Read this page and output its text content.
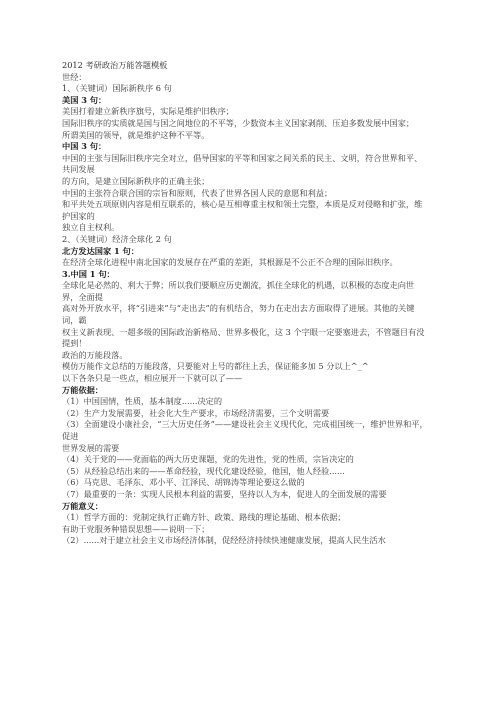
2012 考研政治万能答题模板
世经：
1、（关键词）国际新秩序 6 句
美国 3 句：
美国打着建立新秩序旗号，实际是维护旧秩序；
国际旧秩序的实质就是国与国之间地位的不平等，少数资本主义国家剥削、压迫多数发展中国家；
所谓美国的领导，就是维护这种不平等。
中国 3 句：
中国的主张与国际旧秩序完全对立，倡导国家的平等和国家之间关系的民主、文明，符合世界和平、共同发展
的方向，是建立国际新秩序的正确主张；
中国的主张符合联合国的宗旨和原则，代表了世界各国人民的意愿和利益；
和平共处五项原则内容是相互联系的，核心是互相尊重主权和领土完整，本质是反对侵略和扩张，维护国家的
独立自主权利。
2、（关键词）经济全球化 2 句
北方发达国家 1 句：
在经济全球化进程中南北国家的发展存在严重的差距，其根源是不公正不合理的国际旧秩序。
3.中国 1 句：
全球化是必然的、利大于弊；所以我们要顺应历史潮流，抓住全球化的机遇，以积极的态度走向世界，全面提
高对外开放水平，将“引进来”与“走出去”的有机结合，努力在走出去方面取得了进展。其他的关键词，霸
权主义新表现、一超多级的国际政治新格局、世界多极化，这 3 个字眼一定要塞进去，不管题目有没提到！
政治的万能段落。
模仿万能作文总结的万能段落，只要能对上号的都往上丢，保证能多加 5 分以上^_^
以下各条只是一些点，相应展开一下就可以了——
万能依据：
（1）中国国情，性质，基本制度......决定的
（2）生产力发展需要，社会化大生产要求，市场经济需要，三个文明需要
（3）全面建设小康社会，“三大历史任务”——建设社会主义现代化，完成祖国统一，维护世界和平，促进
世界发展的需要
（4）关于党的——党面临的两大历史课题，党的先进性，党的性质，宗旨决定的
（5）从经验总结出来的——革命经验，现代化建设经验，他国，他人经验......
（6）马克思、毛泽东、邓小平、江泽民、胡锦涛等理论要这么做的
（7）最重要的一条：实现人民根本利益的需要，坚持以人为本，促进人的全面发展的需要
万能意义：
（1）哲学方面的：党制定执行正确方针、政策、路线的理论基础、根本依据；
有助于党服务种错误思想——说明一下；
（2）......对于建立社会主义市场经济体制，促经经济持续快速健康发展，提高人民生活水
